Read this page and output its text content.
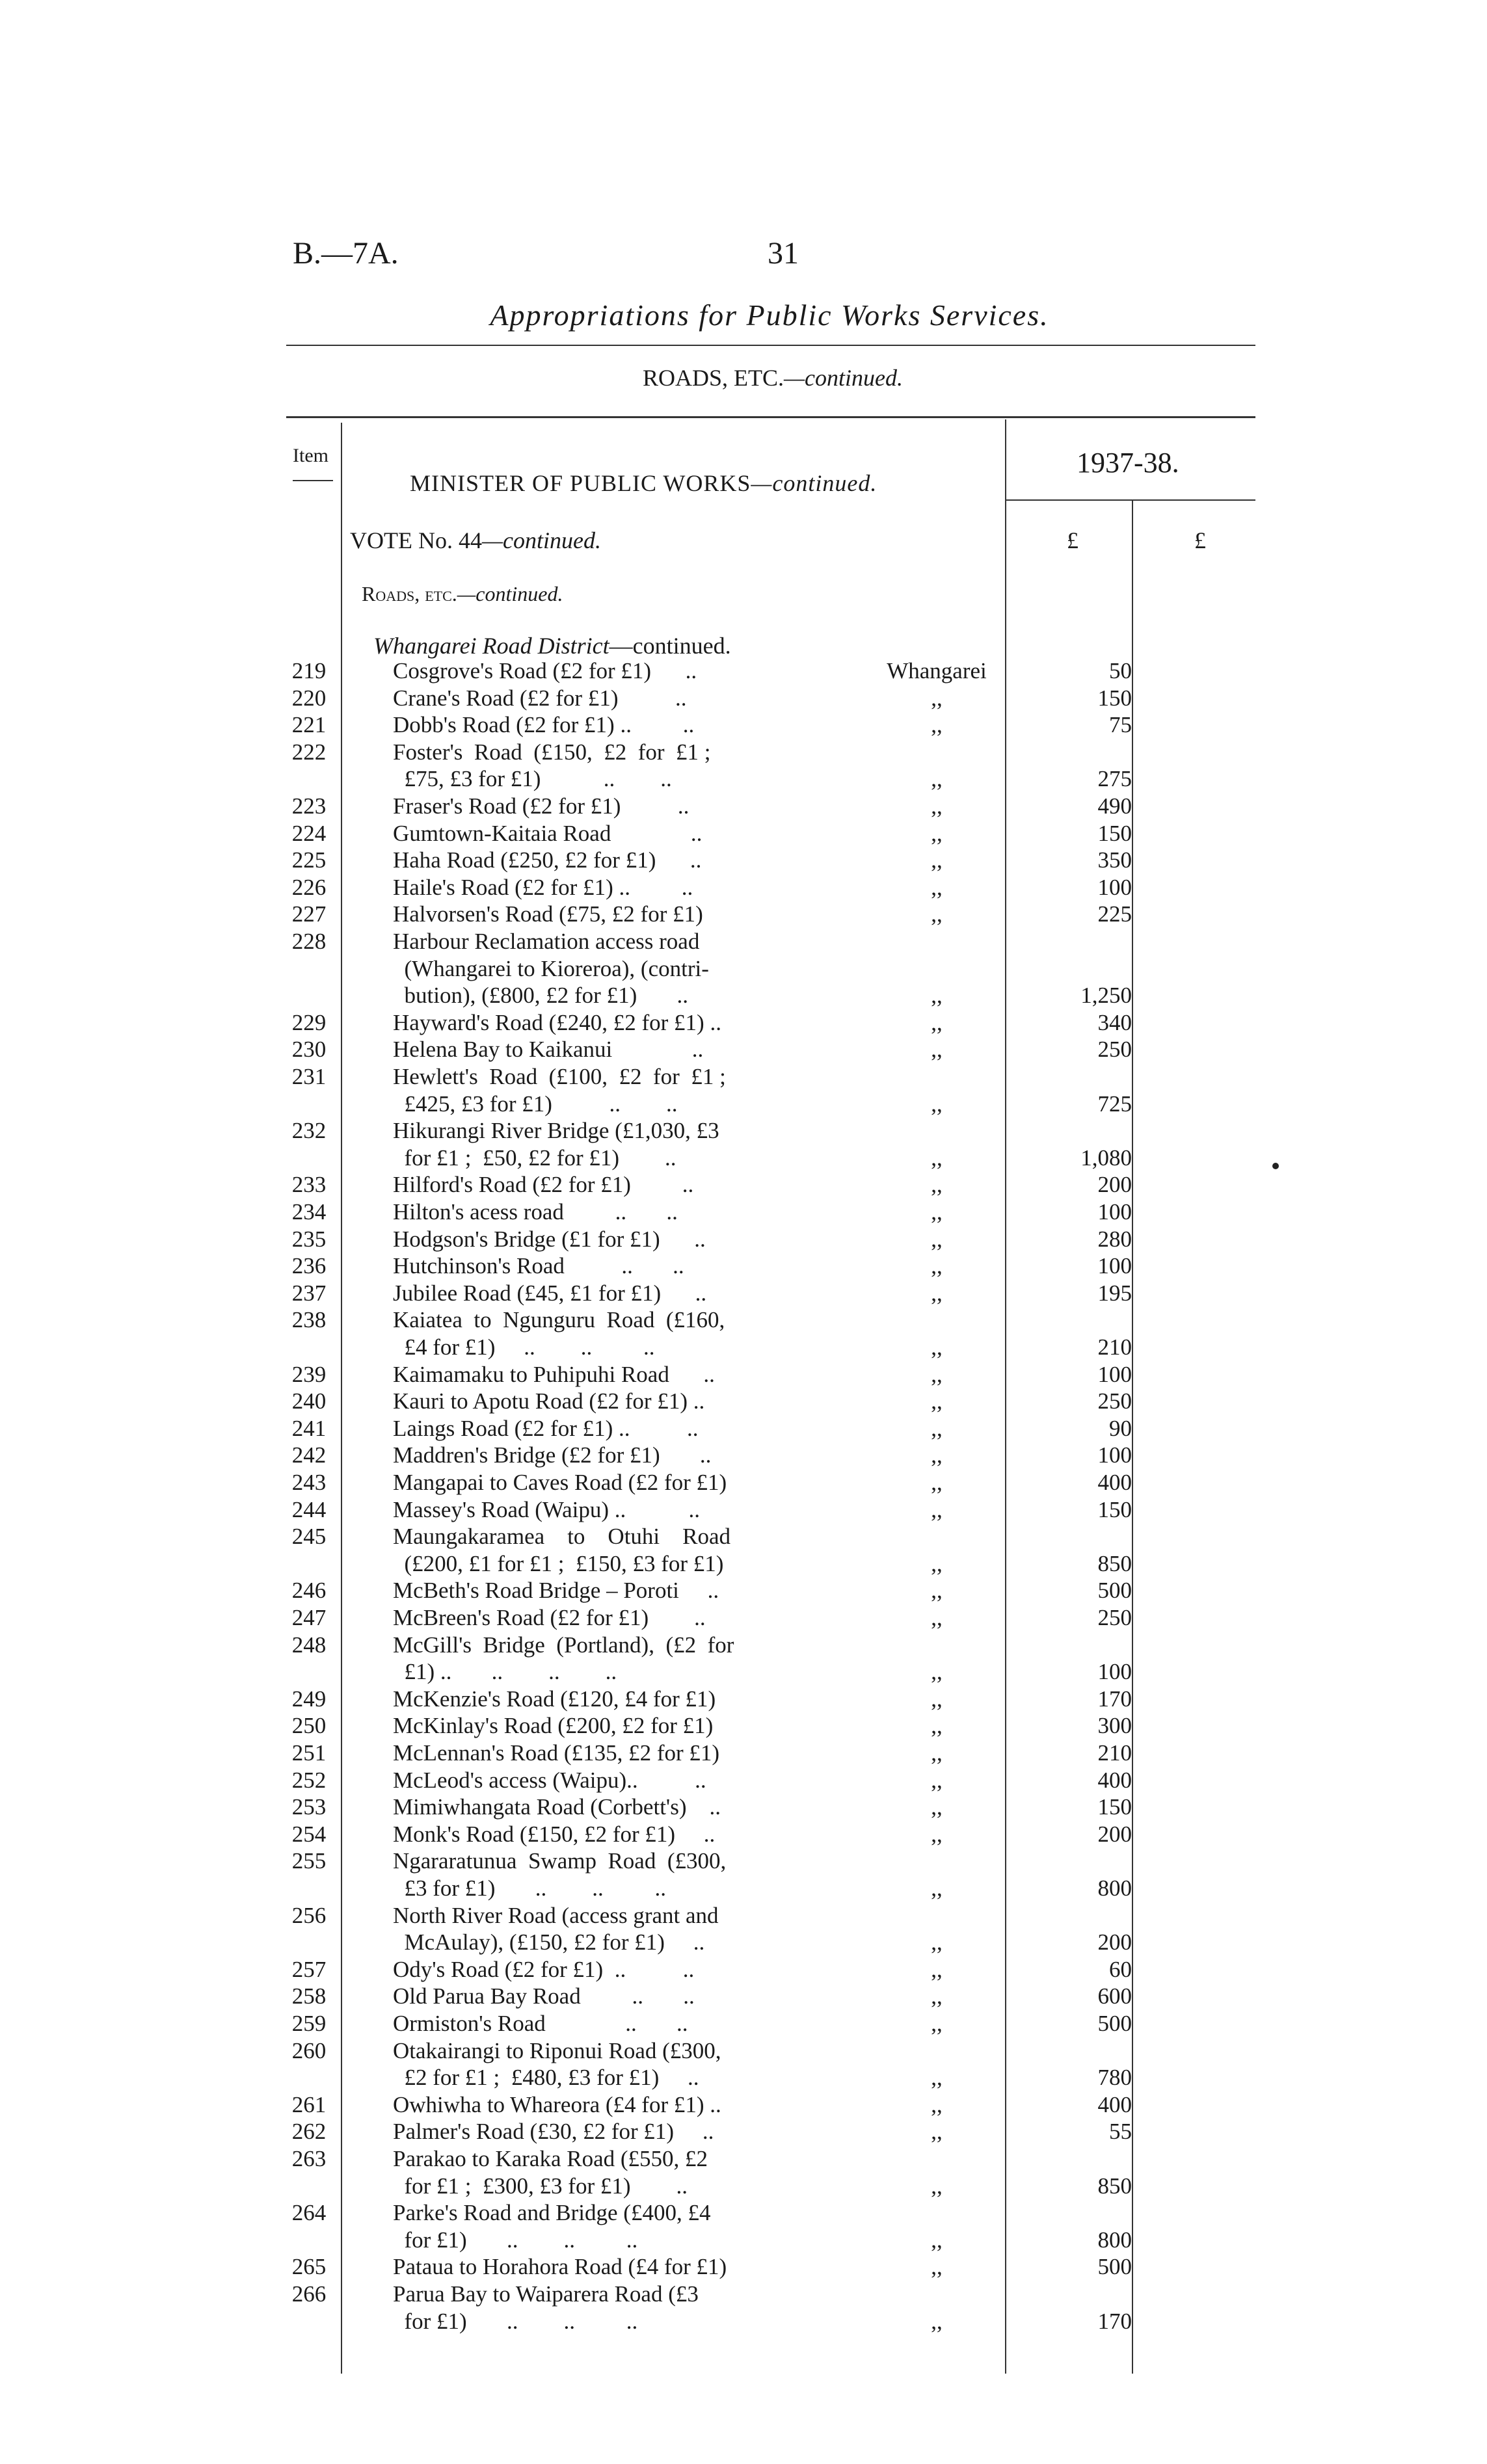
B.—7A.	31
Appropriations for Public Works Services.
ROADS, ETC.—continued.
Item	1937-38.
MINISTER OF PUBLIC WORKS—continued.
VOTE No. 44—continued.	£	£
Roads, etc.—continued.
Whangarei Road District—continued.
219	Cosgrove's Road (£2 for £1)      ..	Whangarei	50
220	Crane's Road (£2 for £1)          ..	,,	150
221	Dobb's Road (£2 for £1) ..         ..	,,	75
222	Foster's  Road  (£150,  £2  for  £1 ;
£75, £3 for £1)           ..        ..	,,	275
223	Fraser's Road (£2 for £1)          ..	,,	490
224	Gumtown-Kaitaia Road              ..	,,	150
225	Haha Road (£250, £2 for £1)      ..	,,	350
226	Haile's Road (£2 for £1) ..         ..	,,	100
227	Halvorsen's Road (£75, £2 for £1)	,,	225
228	Harbour Reclamation access road
(Whangarei to Kioreroa), (contri-
bution), (£800, £2 for £1)       ..	,,	1,250
229	Hayward's Road (£240, £2 for £1) ..	,,	340
230	Helena Bay to Kaikanui              ..	,,	250
231	Hewlett's  Road  (£100,  £2  for  £1 ;
£425, £3 for £1)          ..        ..	,,	725
232	Hikurangi River Bridge (£1,030, £3
for £1 ;  £50, £2 for £1)        ..	,,	1,080
233	Hilford's Road (£2 for £1)         ..	,,	200
234	Hilton's acess road         ..       ..	,,	100
235	Hodgson's Bridge (£1 for £1)      ..	,,	280
236	Hutchinson's Road          ..       ..	,,	100
237	Jubilee Road (£45, £1 for £1)      ..	,,	195
238	Kaiatea  to  Ngunguru  Road  (£160,
£4 for £1)     ..        ..         ..	,,	210
239	Kaimamaku to Puhipuhi Road      ..	,,	100
240	Kauri to Apotu Road (£2 for £1) ..	,,	250
241	Laings Road (£2 for £1) ..          ..	,,	90
242	Maddren's Bridge (£2 for £1)       ..	,,	100
243	Mangapai to Caves Road (£2 for £1)	,,	400
244	Massey's Road (Waipu) ..           ..	,,	150
245	Maungakaramea    to    Otuhi    Road
(£200, £1 for £1 ;  £150, £3 for £1)	,,	850
246	McBeth's Road Bridge – Poroti     ..	,,	500
247	McBreen's Road (£2 for £1)        ..	,,	250
248	McGill's  Bridge  (Portland),  (£2  for
£1) ..       ..        ..        ..	,,	100
249	McKenzie's Road (£120, £4 for £1)	,,	170
250	McKinlay's Road (£200, £2 for £1)	,,	300
251	McLennan's Road (£135, £2 for £1)	,,	210
252	McLeod's access (Waipu)..          ..	,,	400
253	Mimiwhangata Road (Corbett's)    ..	,,	150
254	Monk's Road (£150, £2 for £1)     ..	,,	200
255	Ngararatunua  Swamp  Road  (£300,
£3 for £1)       ..        ..         ..	,,	800
256	North River Road (access grant and
McAulay), (£150, £2 for £1)     ..	,,	200
257	Ody's Road (£2 for £1)  ..          ..	,,	60
258	Old Parua Bay Road         ..       ..	,,	600
259	Ormiston's Road              ..       ..	,,	500
260	Otakairangi to Riponui Road (£300,
£2 for £1 ;  £480, £3 for £1)     ..	,,	780
261	Owhiwha to Whareora (£4 for £1) ..	,,	400
262	Palmer's Road (£30, £2 for £1)     ..	,,	55
263	Parakao to Karaka Road (£550, £2
for £1 ;  £300, £3 for £1)        ..	,,	850
264	Parke's Road and Bridge (£400, £4
for £1)       ..        ..         ..	,,	800
265	Pataua to Horahora Road (£4 for £1)	,,	500
266	Parua Bay to Waiparera Road (£3
for £1)       ..        ..         ..	,,	170
